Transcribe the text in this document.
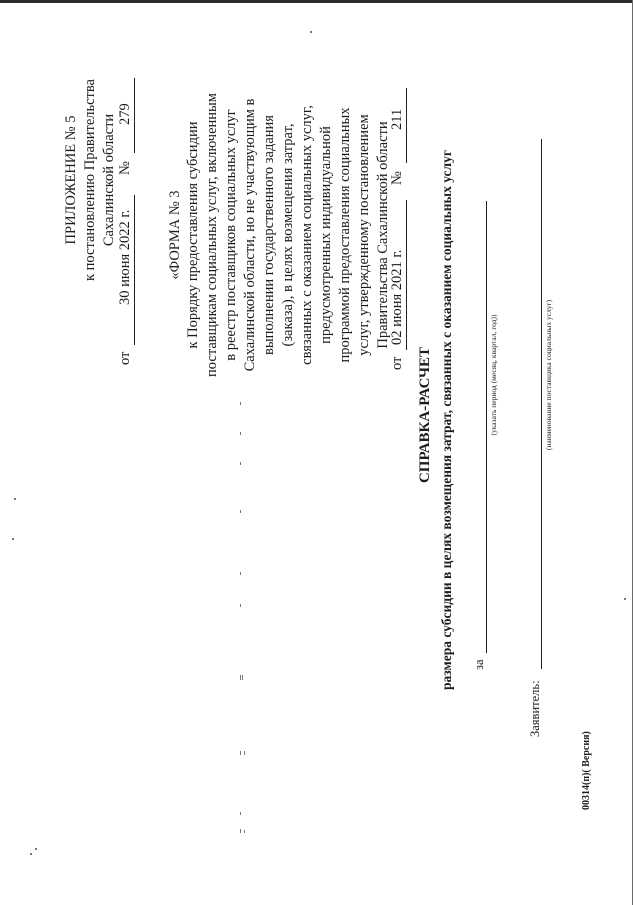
ПРИЛОЖЕНИЕ № 5 к постановлению Правительства Сахалинской области
от
30 июня 2022 г.
№
279
«ФОРМА № 3 к Порядку предоставления субсидии поставщикам социальных услуг, включенным в реестр поставщиков социальных услуг Сахалинской области, но не участвующим в выполнении государственного задания (заказа), в целях возмещения затрат, связанных с оказанием социальных услуг, предусмотренных индивидуальной программой предоставления социальных услуг, утвержденному постановлением Правительства Сахалинской области
от
02 июня 2021 г.
№
211
СПРАВКА-РАСЧЕТ размера субсидии в целях возмещения затрат, связанных с оказанием социальных услуг за
(указать период (месяц, квартал, год))
Заявитель:
(наименование поставщика социальных услуг)
00314(п)( Версия)
